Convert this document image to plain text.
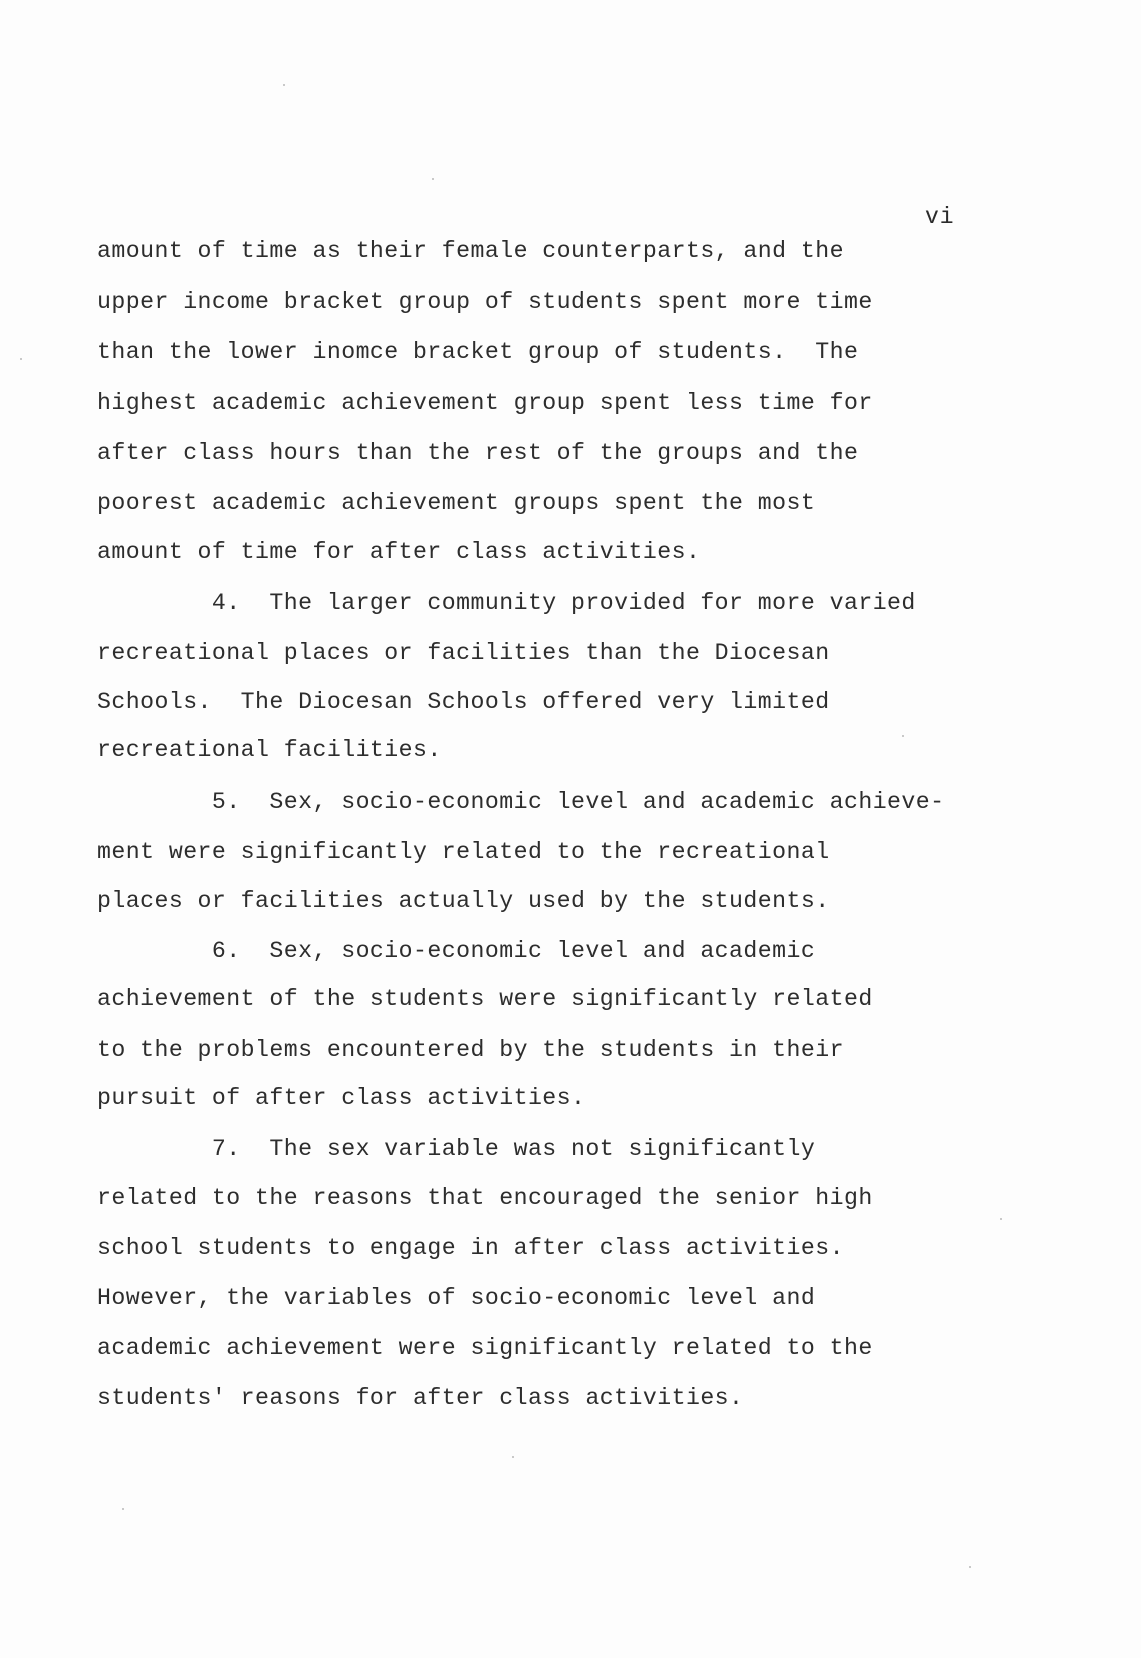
vi
amount of time as their female counterparts, and the
upper income bracket group of students spent more time
than the lower inomce bracket group of students.  The
highest academic achievement group spent less time for
after class hours than the rest of the groups and the
poorest academic achievement groups spent the most
amount of time for after class activities.
4.  The larger community provided for more varied
recreational places or facilities than the Diocesan
Schools.  The Diocesan Schools offered very limited
recreational facilities.
5.  Sex, socio-economic level and academic achieve-
ment were significantly related to the recreational
places or facilities actually used by the students.
6.  Sex, socio-economic level and academic
achievement of the students were significantly related
to the problems encountered by the students in their
pursuit of after class activities.
7.  The sex variable was not significantly
related to the reasons that encouraged the senior high
school students to engage in after class activities.
However, the variables of socio-economic level and
academic achievement were significantly related to the
students' reasons for after class activities.
